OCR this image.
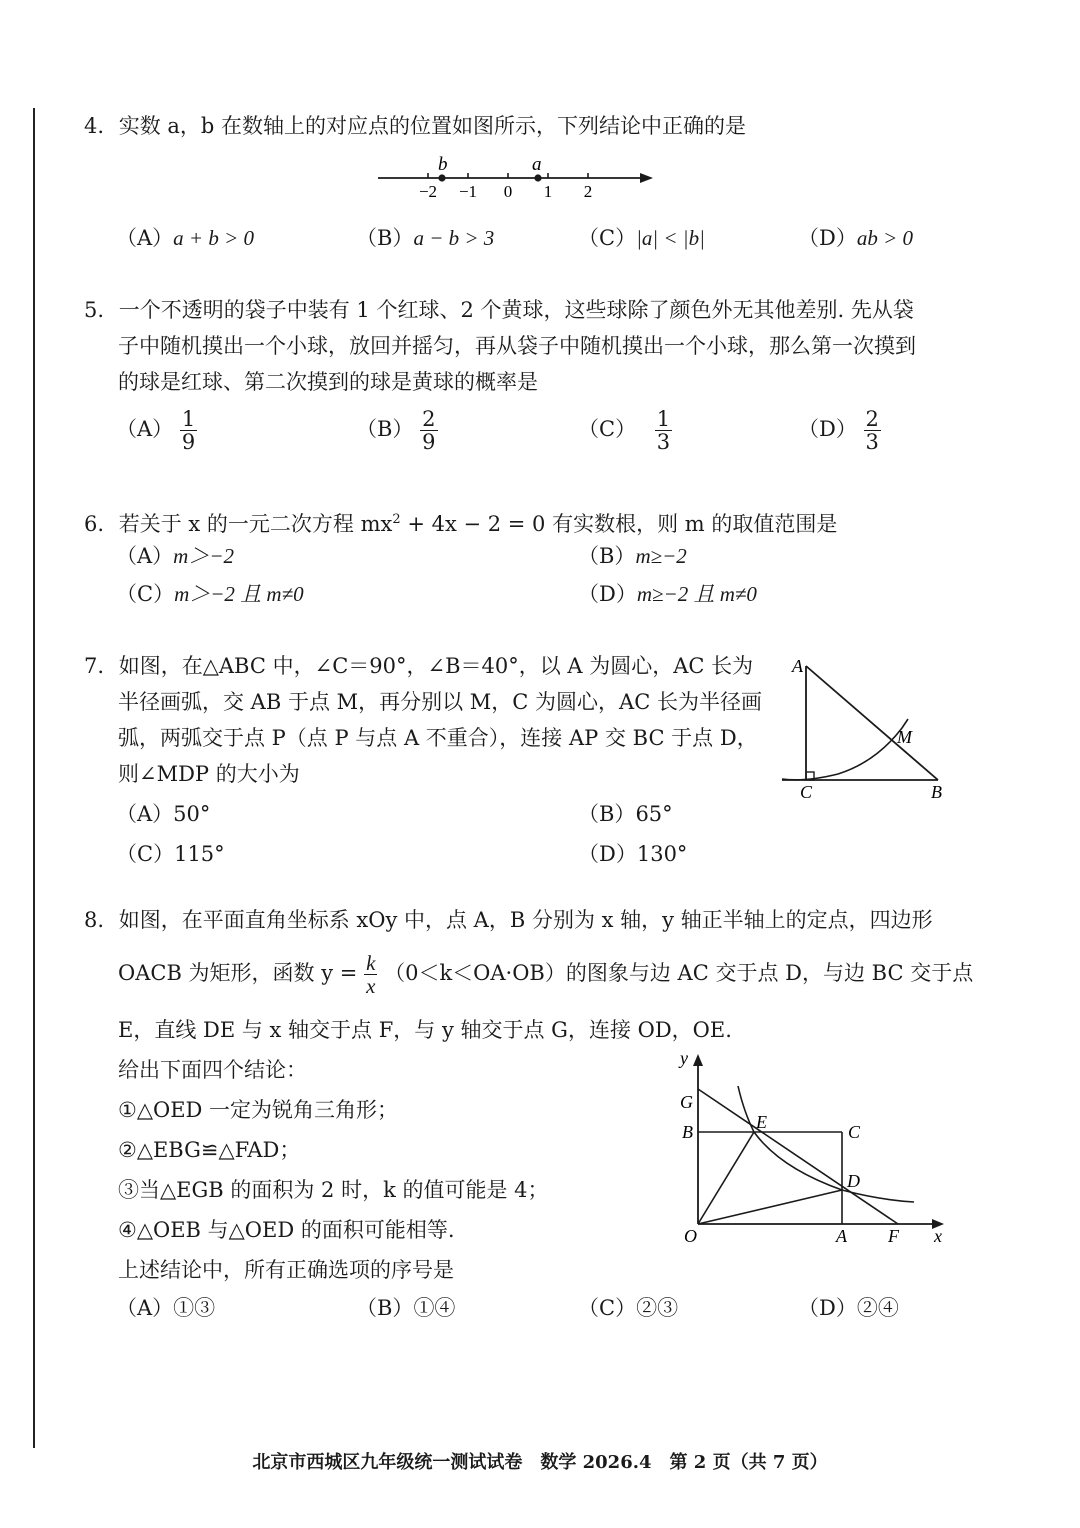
4. 实数 a，b 在数轴上的对应点的位置如图所示，下列结论中正确的是
−2 −1 0 1 2
b	a
（A）a + b > 0	（B）a − b > 3	（C）|a| < |b|	（D）ab > 0
5. 一个不透明的袋子中装有 1 个红球、2 个黄球，这些球除了颜色外无其他差别. 先从袋
子中随机摸出一个小球，放回并摇匀，再从袋子中随机摸出一个小球，那么第一次摸到
的球是红球、第二次摸到的球是黄球的概率是
$(A) \frac{1}{9}$	$(B) \frac{2}{9}$	$(C) \frac{1}{3}$	$(D) \frac{2}{3}$
6. 若关于 x 的一元二次方程 $mx^2 + 4x - 2 = 0$ 有实数根，则 m 的取值范围是
（A）m＞−2	（B）m≥−2
（C）m＞−2 且 m≠0	（D）m≥−2 且 m≠0
7. 如图，在△ABC 中，∠C＝90°，∠B＝40°，以 A 为圆心，AC 长为
半径画弧，交 AB 于点 M，再分别以 M，C 为圆心，AC 长为半径画
弧，两弧交于点 P（点 P 与点 A 不重合），连接 AP 交 BC 于点 D，
则∠MDP 的大小为
A
C	B
M
（A）50°	（B）65°
（C）115°	（D）130°
8. 如图，在平面直角坐标系 xOy 中，点 A，B 分别为 x 轴，y 轴正半轴上的定点，四边形
OACB 为矩形，函数 $y = \frac{k}{x} (0<k<OA\cdot OB)$的图象与边 AC 交于点 D，与边 BC 交于点
E，直线 DE 与 x 轴交于点 F，与 y 轴交于点 G，连接 OD，OE.
给出下面四个结论：
①△OED 一定为锐角三角形；
②△EBG≌△FAD；
③当△EGB 的面积为 2 时，k 的值可能是 4；
④△OEB 与△OED 的面积可能相等.
上述结论中，所有正确选项的序号是
y
x
O	A
B	C
D
E
F
G
（A）①③	（B）①④	（C）②③	（D）②④
北京市西城区九年级统一测试试卷　数学 2026.4　第 2 页（共 7 页）
